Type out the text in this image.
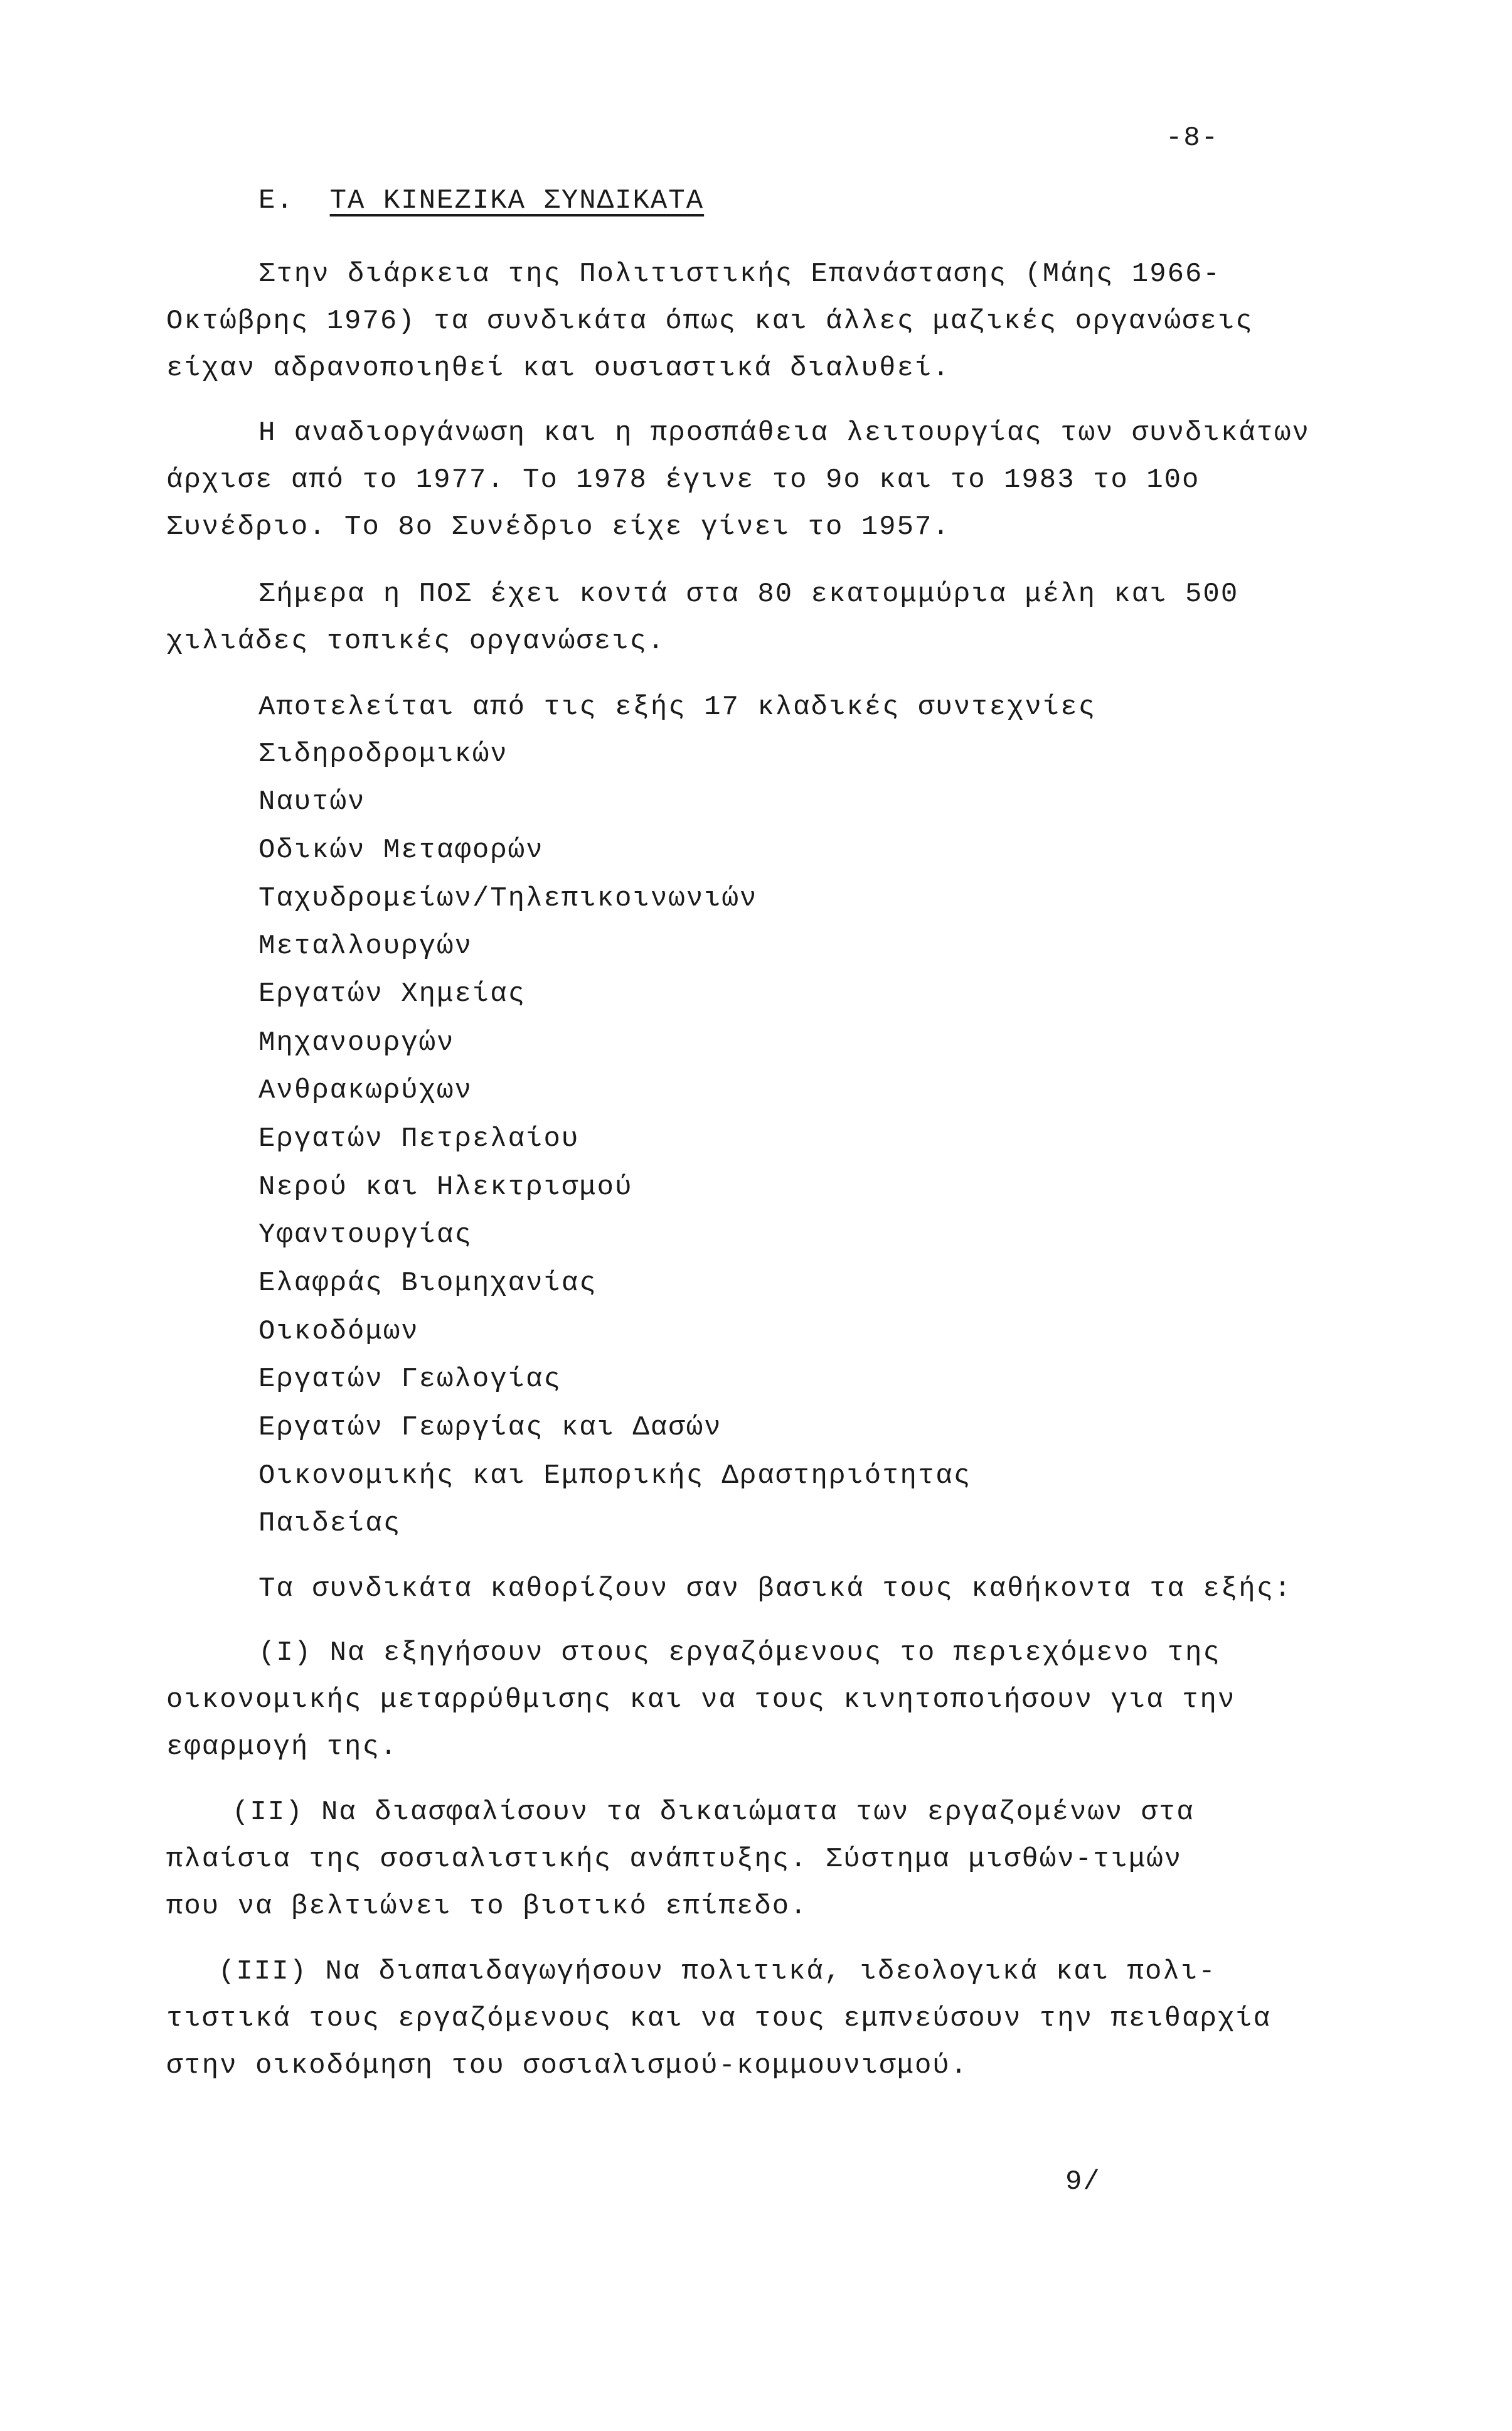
-8-
Ε. ΤΑ ΚΙΝΕΖΙΚΑ ΣΥΝΔΙΚΑΤΑ
Στην διάρκεια της Πολιτιστικής Επανάστασης (Μάης 1966-
Οκτώβρης 1976) τα συνδικάτα όπως και άλλες μαζικές οργανώσεις
είχαν αδρανοποιηθεί και ουσιαστικά διαλυθεί.
Η αναδιοργάνωση και η προσπάθεια λειτουργίας των συνδικάτων
άρχισε από το 1977. Το 1978 έγινε το 9ο και το 1983 το 10ο
Συνέδριο. Το 8ο Συνέδριο είχε γίνει το 1957.
Σήμερα η ΠΟΣ έχει κοντά στα 80 εκατομμύρια μέλη και 500
χιλιάδες τοπικές οργανώσεις.
Αποτελείται από τις εξής 17 κλαδικές συντεχνίες
Σιδηροδρομικών
Ναυτών
Οδικών Μεταφορών
Ταχυδρομείων/Τηλεπικοινωνιών
Μεταλλουργών
Εργατών Χημείας
Μηχανουργών
Ανθρακωρύχων
Εργατών Πετρελαίου
Νερού και Ηλεκτρισμού
Υφαντουργίας
Ελαφράς Βιομηχανίας
Οικοδόμων
Εργατών Γεωλογίας
Εργατών Γεωργίας και Δασών
Οικονομικής και Εμπορικής Δραστηριότητας
Παιδείας
Τα συνδικάτα καθορίζουν σαν βασικά τους καθήκοντα τα εξής:
(Ι) Να εξηγήσουν στους εργαζόμενους το περιεχόμενο της
οικονομικής μεταρρύθμισης και να τους κινητοποιήσουν για την
εφαρμογή της.
(ΙΙ) Να διασφαλίσουν τα δικαιώματα των εργαζομένων στα
πλαίσια της σοσιαλιστικής ανάπτυξης. Σύστημα μισθών-τιμών
που να βελτιώνει το βιοτικό επίπεδο.
(ΙΙΙ) Να διαπαιδαγωγήσουν πολιτικά, ιδεολογικά και πολι-
τιστικά τους εργαζόμενους και να τους εμπνεύσουν την πειθαρχία
στην οικοδόμηση του σοσιαλισμού-κομμουνισμού.
9/
